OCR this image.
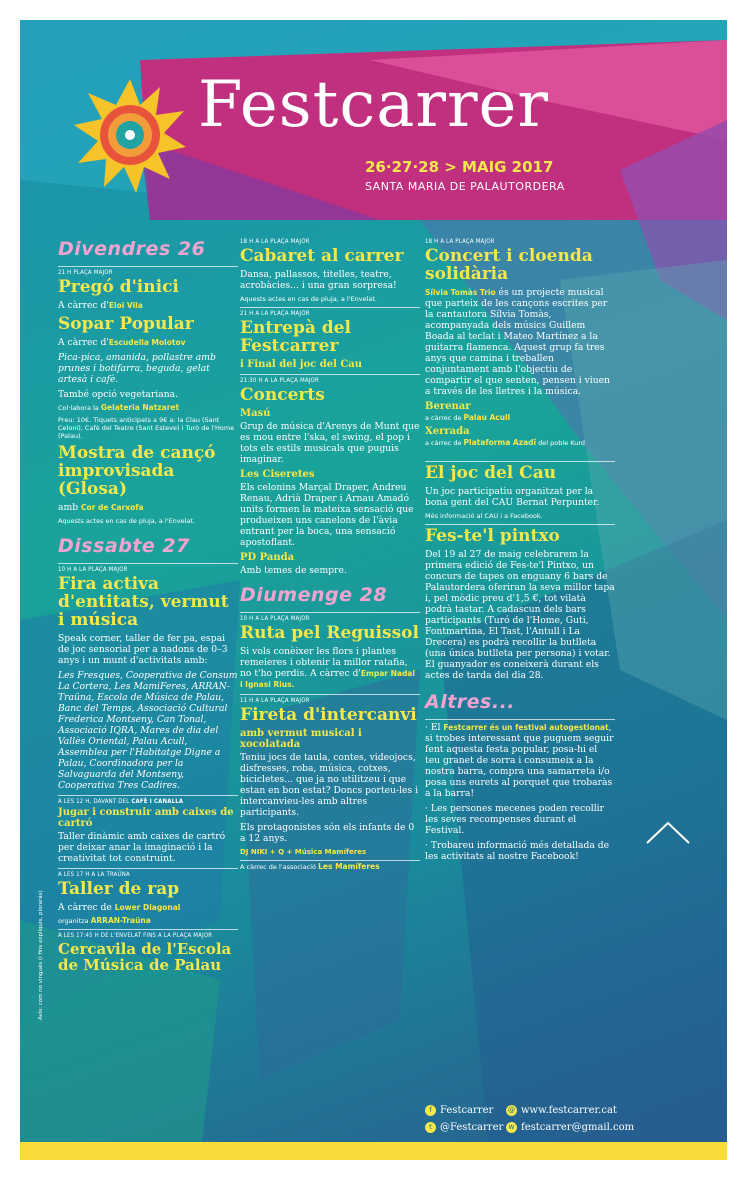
Festcarrer
26·27·28 > MAIG 2017
SANTA MARIA DE PALAUTORDERA
Avís: com no vingués (i fins explíquis, plorarás)
Divendres 26
21 H PLAÇA MAJOR
Pregó d'inici
A càrrec d'Eloi Vila
Sopar Popular
A càrrec d'Escudella Molotov
Pica-pica, amanida, pollastre amb prunes i botifarra, beguda, gelat artesà i cafè.
També opció vegetariana.
Col·labora la Gelateria Natzaret
Preu: 10€. Tiquets anticipats a 9€ a: la Clau (Sant Celoni), Cafè del Teatre (Sant Esteve) i Turó de l'Home (Palau).
Mostra de cançó improvisada (Glosa)
amb Cor de Carxofa
Aquests actes en cas de pluja, a l'Envelat.
Dissabte 27
10 H A LA PLAÇA MAJOR
Fira activa d'entitats, vermut i música
Speak corner, taller de fer pa, espai de joc sensorial per a nadons de 0–3 anys i un munt d'activitats amb:
Les Fresques, Cooperativa de Consum La Cortera, Les MamiFeres, ARRAN-Traüna, Escola de Música de Palau, Banc del Temps, Associació Cultural Frederica Montseny, Can Tonal, Associació IQRA, Mares de dia del Vallès Oriental, Palau Acull, Assemblea per l'Habitatge Digne a Palau, Coordinadora per la Salvaguarda del Montseny, Cooperativa Tres Cadires.
A LES 12 H, DAVANT DEL CAFÈ I CANALLA
Jugar i construir amb caixes de cartró
Taller dinàmic amb caixes de cartró per deixar anar la imaginació i la creativitat tot construint.
A LES 17 H A LA TRAÜNA
Taller de rap
A càrrec de Lower Diagonal
organitza ARRAN-Traüna
A LES 17:45 H DE L'ENVELAT FINS A LA PLAÇA MAJOR
Cercavila de l'Escola de Música de Palau
18 H A LA PLAÇA MAJOR
Cabaret al carrer
Dansa, pallassos, titelles, teatre, acrobàcies... i una gran sorpresa!
Aquests actes en cas de pluja, a l'Envelat.
21 H A LA PLAÇA MAJOR
Entrepà del Festcarrer
i Final del joc del Cau
21:30 H A LA PLAÇA MAJOR
Concerts
Masú
Grup de música d'Arenys de Munt que es mou entre l'ska, el swing, el pop i tots els estils musicals que puguis imaginar.
Les Ciseretes
Els celonins Marçal Draper, Andreu Renau, Adrià Draper i Arnau Amadó units formen la mateixa sensació que produeixen uns canelons de l'àvia entrant per la boca, una sensació apostoflant.
PD Panda
Amb temes de sempre.
Diumenge 28
10 H A LA PLAÇA MAJOR
Ruta pel Reguissol
Si vols conèixer les flors i plantes remeieres i obtenir la millor ratafia, no t'ho perdis. A càrrec d'Empar Nadal i Ignasi Rius.
11 H A LA PLAÇA MAJOR
Fireta d'intercanvi
amb vermut musical i xocolatada
Teniu jocs de taula, contes, videojocs, disfresses, roba, música, cotxes, bicicletes... que ja no utilitzeu i que estan en bon estat? Doncs porteu-les i intercanvieu-les amb altres participants.
Els protagonistes són els infants de 0 a 12 anys.
DJ NIKI + Q + Música Mamíferes
A càrrec de l'associació Les Mamíferes
18 H A LA PLAÇA MAJOR
Concert i cloenda solidària
Sílvia Tomàs Trio és un projecte musical que parteix de les cançons escrites per la cantautora Sílvia Tomàs, acompanyada dels músics Guillem Boada al teclat i Mateo Martínez a la guitarra flamenca. Aquest grup fa tres anys que camina i treballen conjuntament amb l'objectiu de compartir el que senten, pensen i viuen a través de les lletres i la música.
Berenar
a càrrec de Palau Acull
Xerrada
a càrrec de Plataforma Azadî del poble Kurd
El joc del Cau
Un joc participatiu organitzat per la bona gent del CAU Bernat Perpunter.
Més informació al CAU i a Facebook.
Fes-te'l pintxo
Del 19 al 27 de maig celebrarem la primera edició de Fes-te'l Pintxo, un concurs de tapes on enguany 6 bars de Palautordera oferiran la seva millor tapa i, pel mòdic preu d'1,5 €, tot vilatà podrà tastar. A cadascun dels bars participants (Turó de l'Home, Guti, Fontmartina, El Tast, l'Antull i La Drecera) es podrà recollir la butlleta (una única butlleta per persona) i votar. El guanyador es coneixerà durant els actes de tarda del dia 28.
Altres...
· El Festcarrer és un festival autogestionat, si trobes interessant que puguem seguir fent aquesta festa popular, posa-hi el teu granet de sorra i consumeix a la nostra barra, compra una samarreta i/o posa uns eurets al porquet que trobaràs a la barra!
· Les persones mecenes poden recollir les seves recompenses durant el Festival.
· Trobareu informació més detallada de les activitats al nostre Facebook!
f Festcarrer @ www.festcarrer.cat
t @Festcarrer w festcarrer@gmail.com
